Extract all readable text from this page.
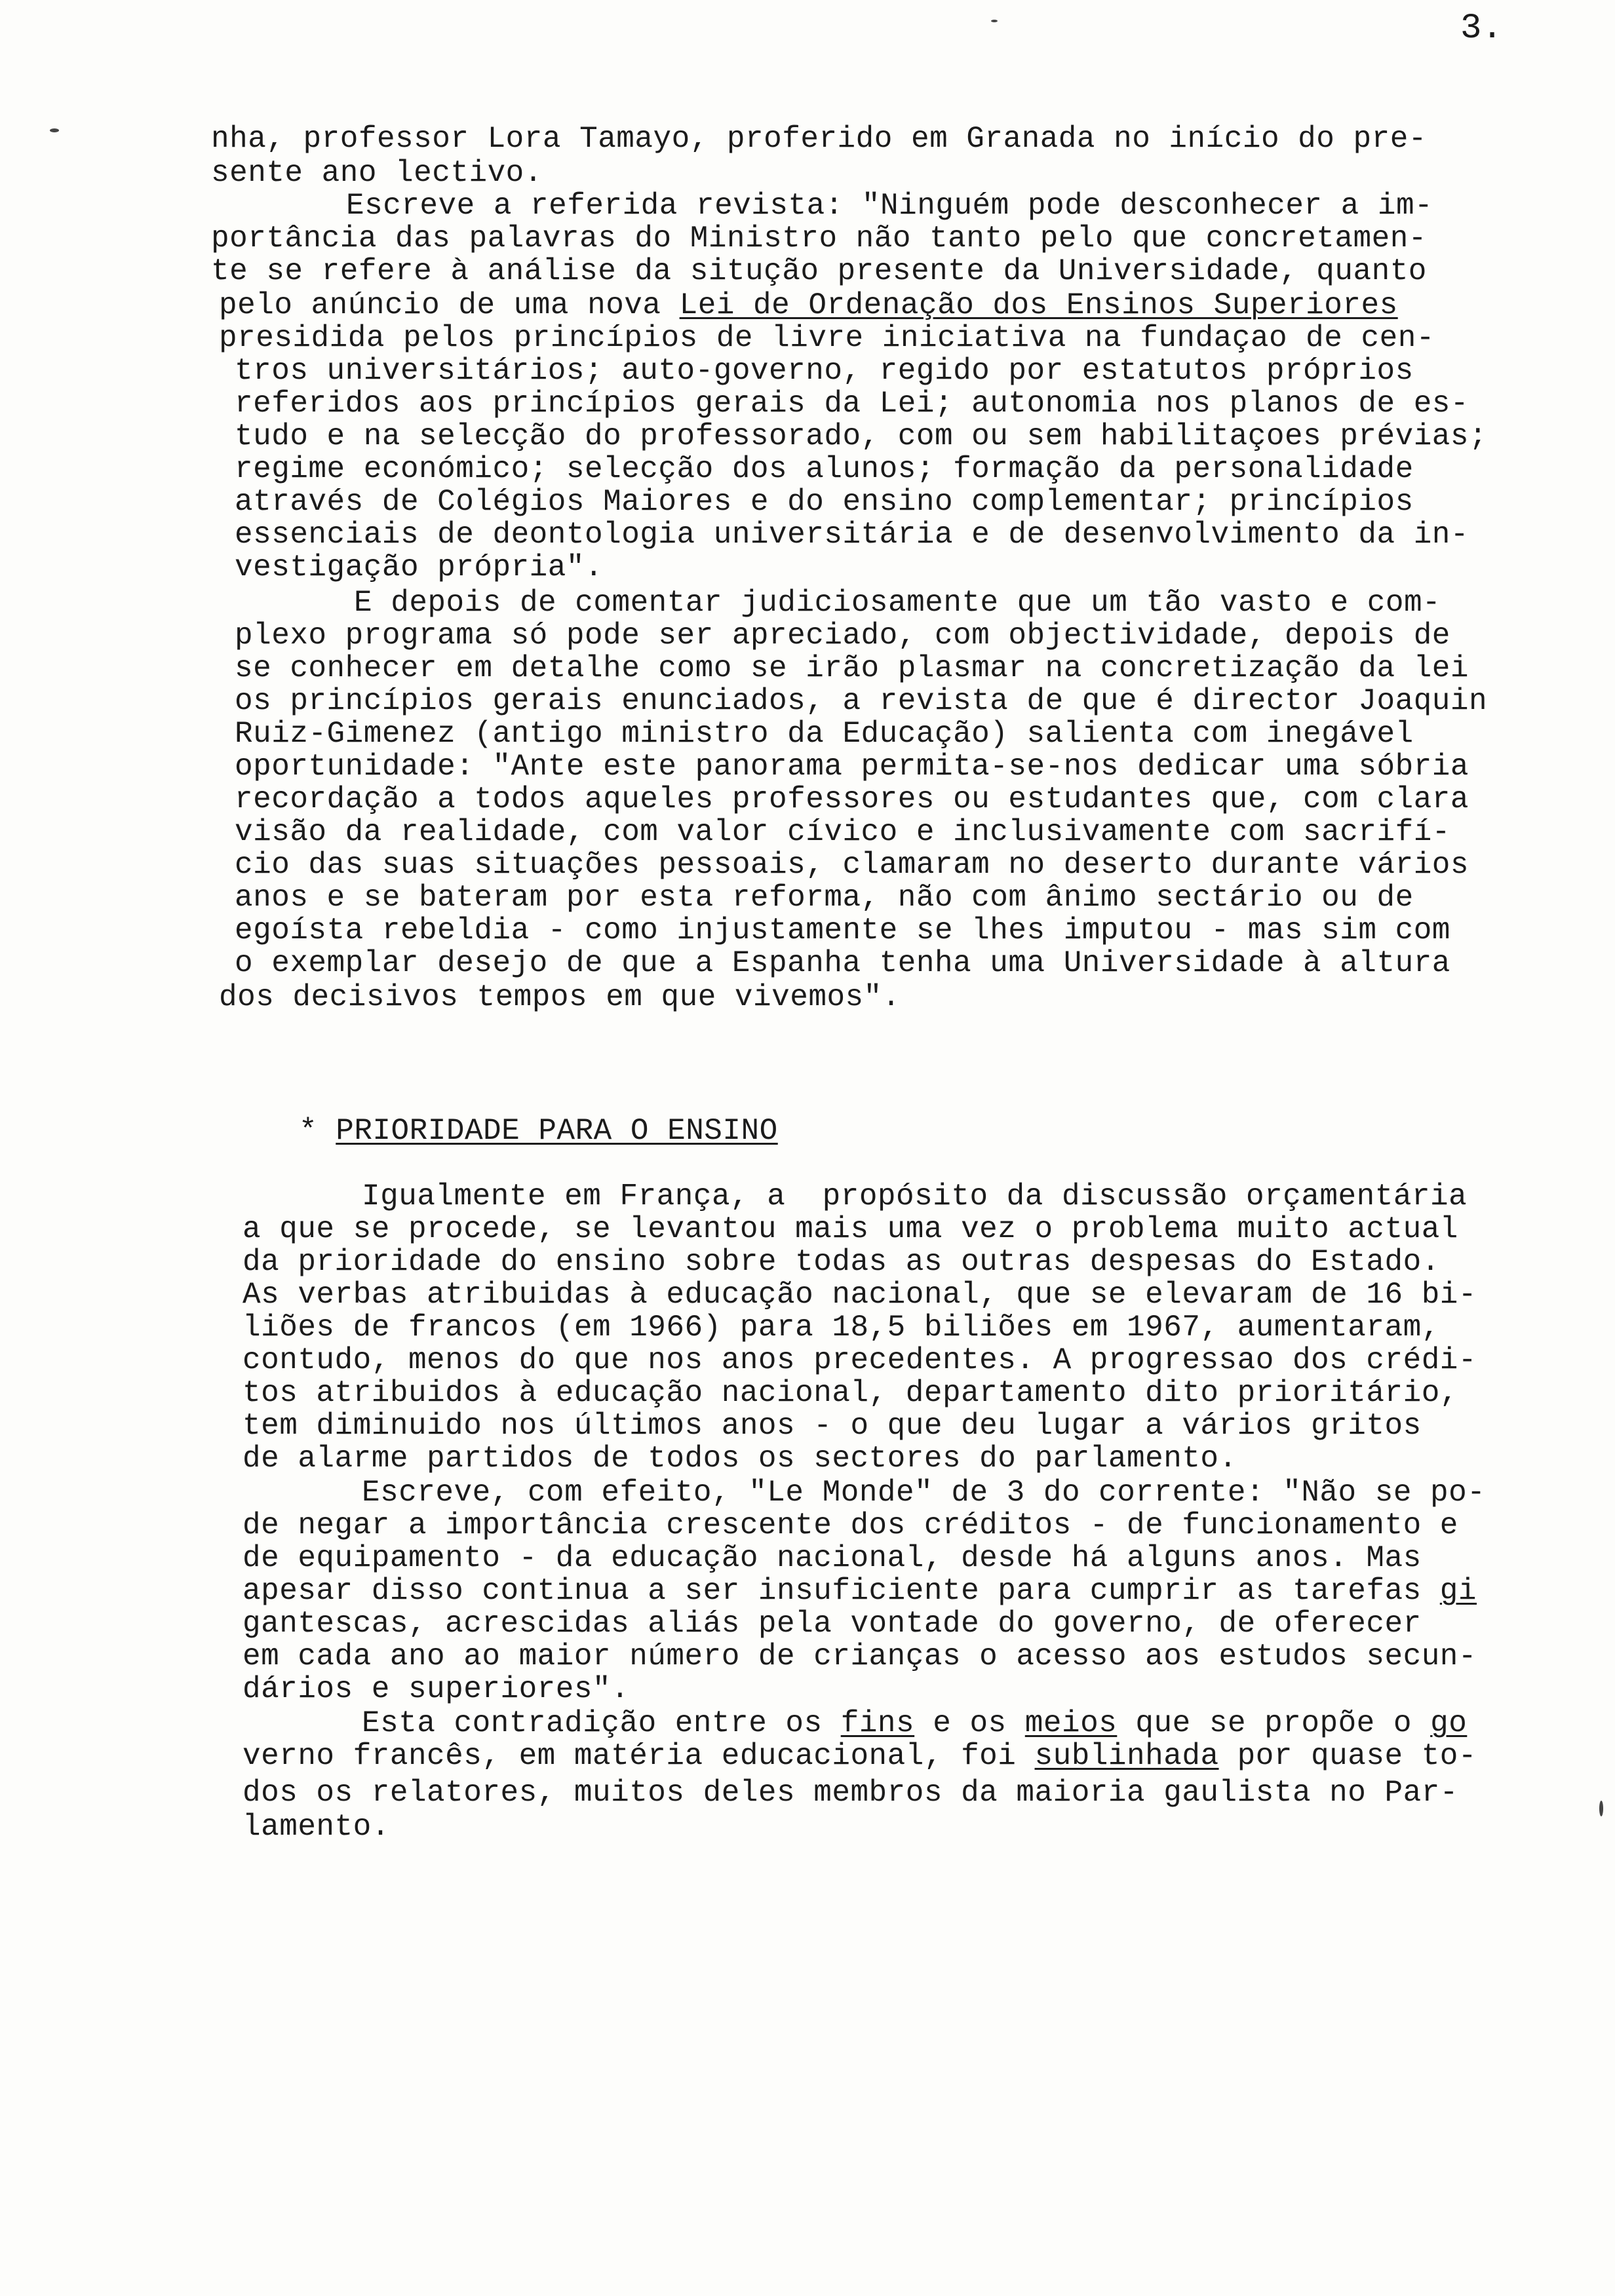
3.
nha, professor Lora Tamayo, proferido em Granada no início do pre-
sente ano lectivo.
Escreve a referida revista: "Ninguém pode desconhecer a im-
portância das palavras do Ministro não tanto pelo que concretamen-
te se refere à análise da situção presente da Universidade, quanto
pelo anúncio de uma nova Lei de Ordenação dos Ensinos Superiores
presidida pelos princípios de livre iniciativa na fundaçao de cen-
tros universitários; auto-governo, regido por estatutos próprios
referidos aos princípios gerais da Lei; autonomia nos planos de es-
tudo e na selecção do professorado, com ou sem habilitaçoes prévias;
regime económico; selecção dos alunos; formação da personalidade
através de Colégios Maiores e do ensino complementar; princípios
essenciais de deontologia universitária e de desenvolvimento da in-
vestigação própria".
E depois de comentar judiciosamente que um tão vasto e com-
plexo programa só pode ser apreciado, com objectividade, depois de
se conhecer em detalhe como se irão plasmar na concretização da lei
os princípios gerais enunciados, a revista de que é director Joaquin
Ruiz-Gimenez (antigo ministro da Educação) salienta com inegável
oportunidade: "Ante este panorama permita-se-nos dedicar uma sóbria
recordação a todos aqueles professores ou estudantes que, com clara
visão da realidade, com valor cívico e inclusivamente com sacrifí-
cio das suas situações pessoais, clamaram no deserto durante vários
anos e se bateram por esta reforma, não com ânimo sectário ou de
egoísta rebeldia - como injustamente se lhes imputou - mas sim com
o exemplar desejo de que a Espanha tenha uma Universidade à altura
dos decisivos tempos em que vivemos".
* PRIORIDADE PARA O ENSINO
Igualmente em França, a  propósito da discussão orçamentária
a que se procede, se levantou mais uma vez o problema muito actual
da prioridade do ensino sobre todas as outras despesas do Estado.
As verbas atribuidas à educação nacional, que se elevaram de 16 bi-
liões de francos (em 1966) para 18,5 biliões em 1967, aumentaram,
contudo, menos do que nos anos precedentes. A progressao dos crédi-
tos atribuidos à educação nacional, departamento dito prioritário,
tem diminuido nos últimos anos - o que deu lugar a vários gritos
de alarme partidos de todos os sectores do parlamento.
Escreve, com efeito, "Le Monde" de 3 do corrente: "Não se po-
de negar a importância crescente dos créditos - de funcionamento e
de equipamento - da educação nacional, desde há alguns anos. Mas
apesar disso continua a ser insuficiente para cumprir as tarefas gi
gantescas, acrescidas aliás pela vontade do governo, de oferecer
em cada ano ao maior número de crianças o acesso aos estudos secun-
dários e superiores".
Esta contradição entre os fins e os meios que se propõe o go
verno francês, em matéria educacional, foi sublinhada por quase to-
dos os relatores, muitos deles membros da maioria gaulista no Par-
lamento.
